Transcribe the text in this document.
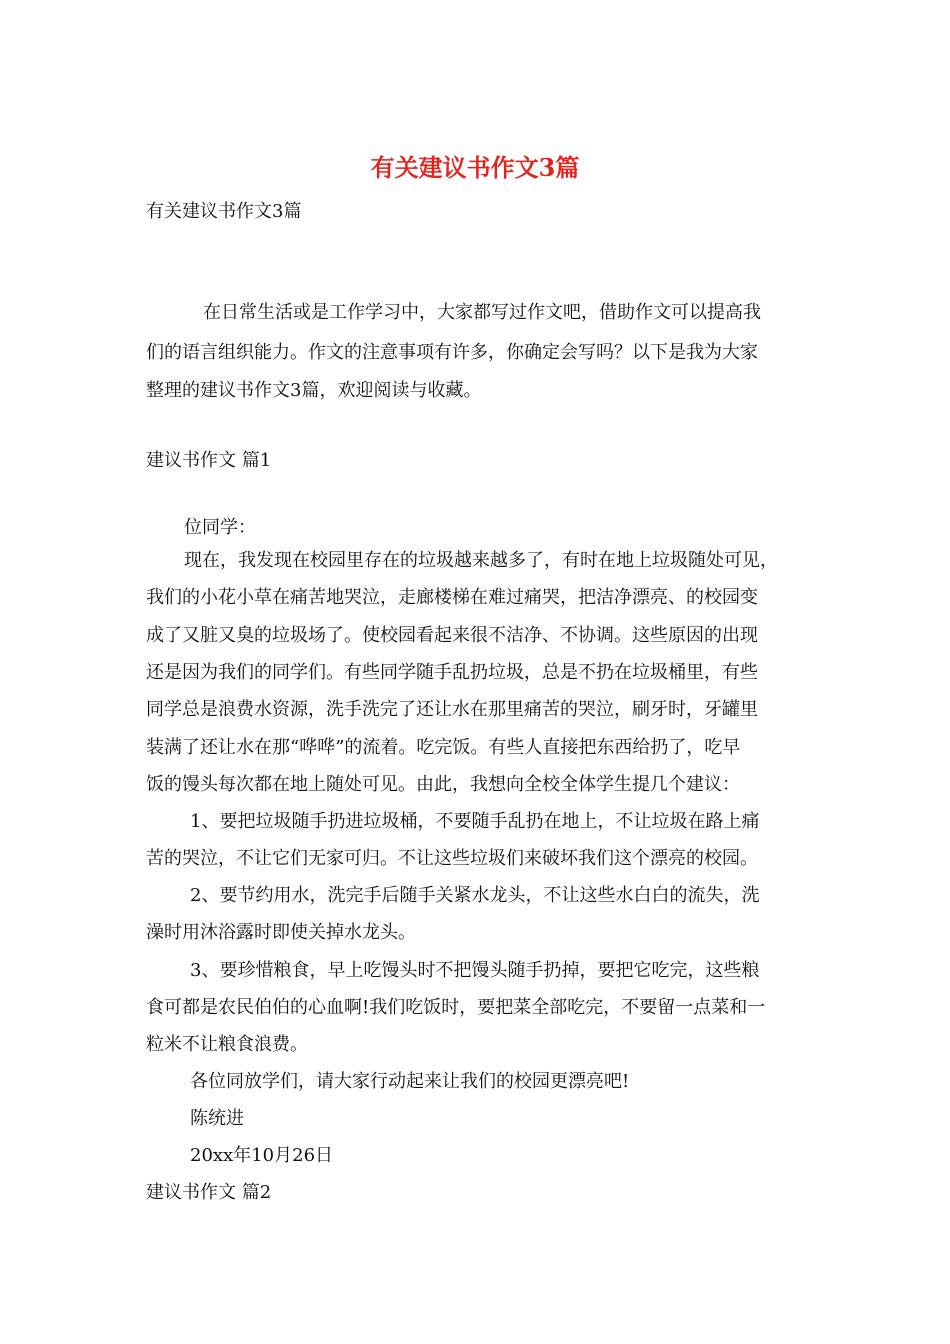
有关建议书作文3篇
有关建议书作文3篇
在日常生活或是工作学习中，大家都写过作文吧，借助作文可以提高我
们的语言组织能力。作文的注意事项有许多，你确定会写吗？以下是我为大家
整理的建议书作文3篇，欢迎阅读与收藏。
建议书作文 篇1
位同学：
现在，我发现在校园里存在的垃圾越来越多了，有时在地上垃圾随处可见，
我们的小花小草在痛苦地哭泣，走廊楼梯在难过痛哭，把洁净漂亮、的校园变
成了又脏又臭的垃圾场了。使校园看起来很不洁净、不协调。这些原因的出现
还是因为我们的同学们。有些同学随手乱扔垃圾，总是不扔在垃圾桶里，有些
同学总是浪费水资源，洗手洗完了还让水在那里痛苦的哭泣，刷牙时，牙罐里
装满了还让水在那“哗哗”的流着。吃完饭。有些人直接把东西给扔了，吃早
饭的馒头每次都在地上随处可见。由此，我想向全校全体学生提几个建议：
1、要把垃圾随手扔进垃圾桶，不要随手乱扔在地上，不让垃圾在路上痛
苦的哭泣，不让它们无家可归。不让这些垃圾们来破坏我们这个漂亮的校园。
2、要节约用水，洗完手后随手关紧水龙头，不让这些水白白的流失，洗
澡时用沐浴露时即使关掉水龙头。
3、要珍惜粮食，早上吃馒头时不把馒头随手扔掉，要把它吃完，这些粮
食可都是农民伯伯的心血啊!我们吃饭时，要把菜全部吃完，不要留一点菜和一
粒米不让粮食浪费。
各位同放学们，请大家行动起来让我们的校园更漂亮吧!
陈统进
20xx年10月26日
建议书作文 篇2
